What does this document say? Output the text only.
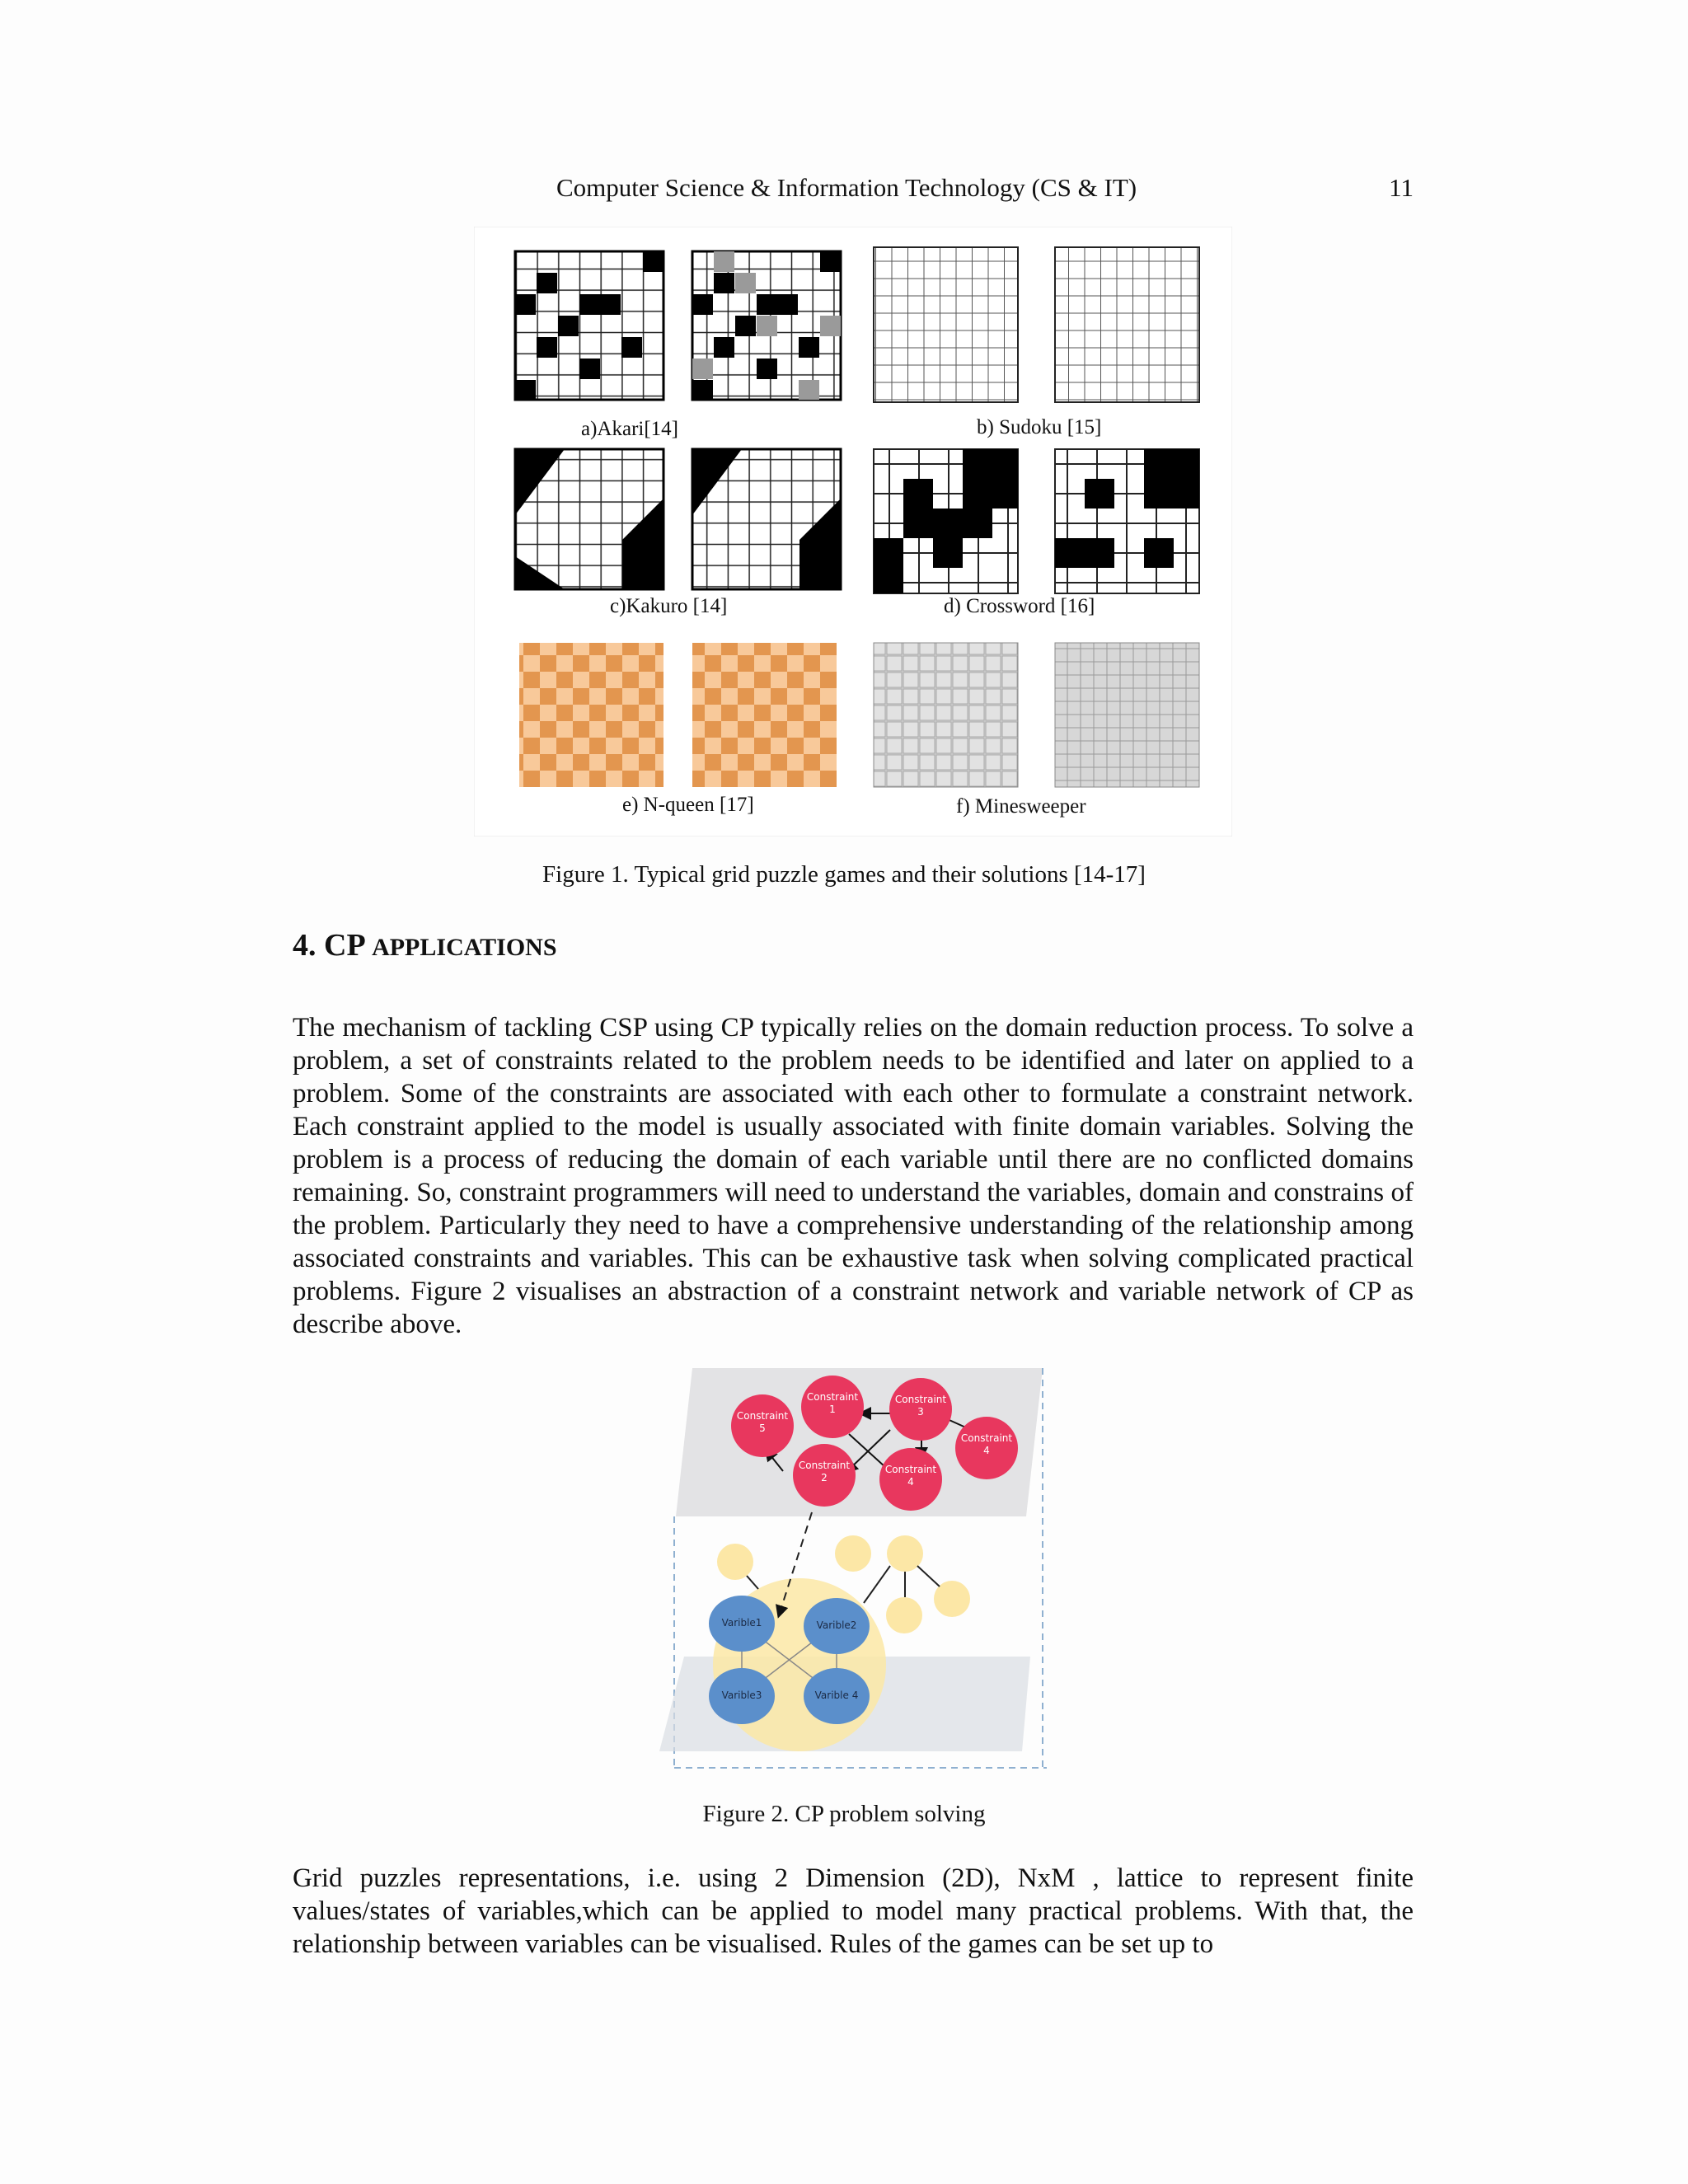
Computer Science & Information Technology (CS & IT)	11
a)Akari[14]	b) Sudoku [15]
c)Kakuro [14]	d) Crossword [16]
e) N-queen [17]	f) Minesweeper
Figure 1. Typical grid puzzle games and their solutions [14-17]
4. CP APPLICATIONS

The mechanism of tackling CSP using CP typically relies on the domain reduction process. To solve a problem, a set of constraints related to the problem needs to be identified and later on applied to a problem. Some of the constraints are associated with each other to formulate a constraint network. Each constraint applied to the model is usually associated with finite domain variables. Solving the problem is a process of reducing the domain of each variable until there are no conflicted domains remaining. So, constraint programmers will need to understand the variables, domain and constrains of the problem. Particularly they need to have a comprehensive understanding of the relationship among associated constraints and variables. This can be exhaustive task when solving complicated practical problems. Figure 2 visualises an abstraction of a constraint network and variable network of CP as describe above.

Constraint
1
Constraint
3
Constraint
5
Constraint
4
Constraint
2
Constraint
4
Varible1	Varible2
Varible3	Varible 4
Figure 2. CP problem solving

Grid puzzles representations, i.e. using 2 Dimension (2D), NxM , lattice to represent finite values/states of variables,which can be applied to model many practical problems. With that, the relationship between variables can be visualised. Rules of the games can be set up to
